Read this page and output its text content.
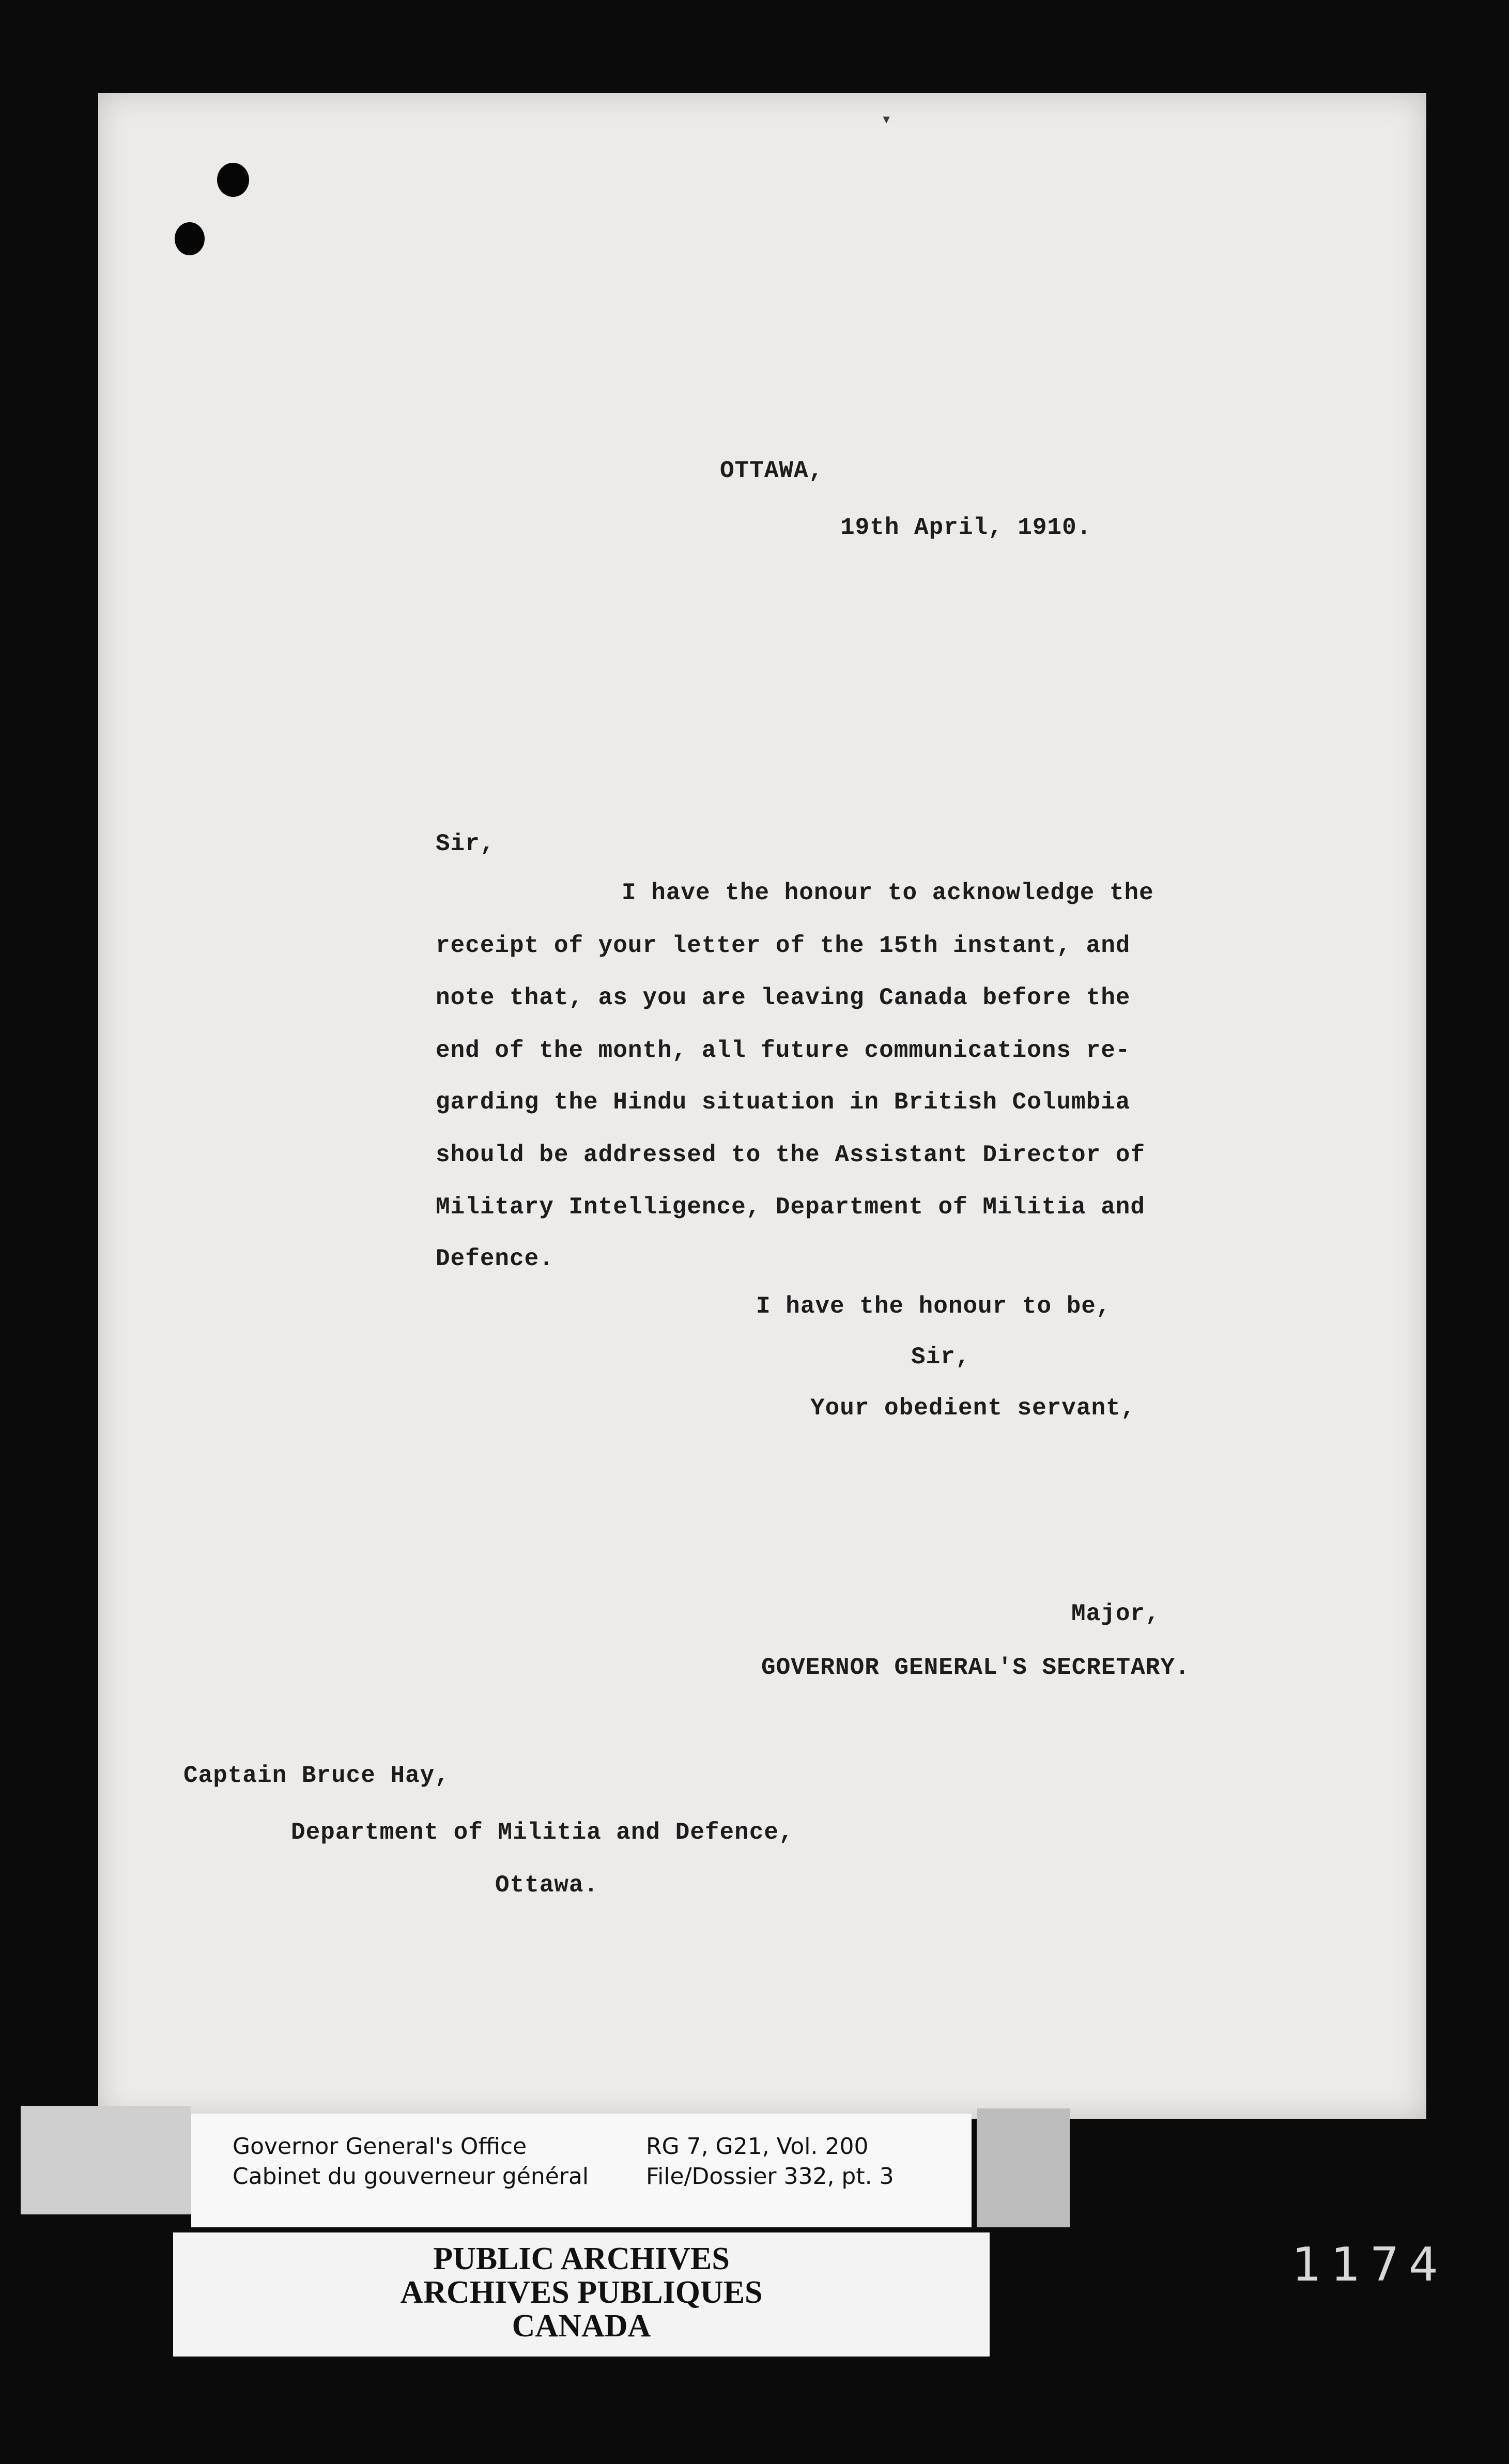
▾
OTTAWA,
19th April, 1910.
Sir,
I have the honour to acknowledge the
receipt of your letter of the 15th instant, and
note that, as you are leaving Canada before the
end of the month, all future communications re-
garding the Hindu situation in British Columbia
should be addressed to the Assistant Director of
Military Intelligence, Department of Militia and
Defence.
I have the honour to be,
Sir,
Your obedient servant,
Major,
GOVERNOR GENERAL'S SECRETARY.
Captain Bruce Hay,
Department of Militia and Defence,
Ottawa.
Governor General's Office
Cabinet du gouverneur général
RG 7, G21, Vol. 200
File/Dossier 332, pt. 3
PUBLIC ARCHIVES
ARCHIVES PUBLIQUES
CANADA
1174
